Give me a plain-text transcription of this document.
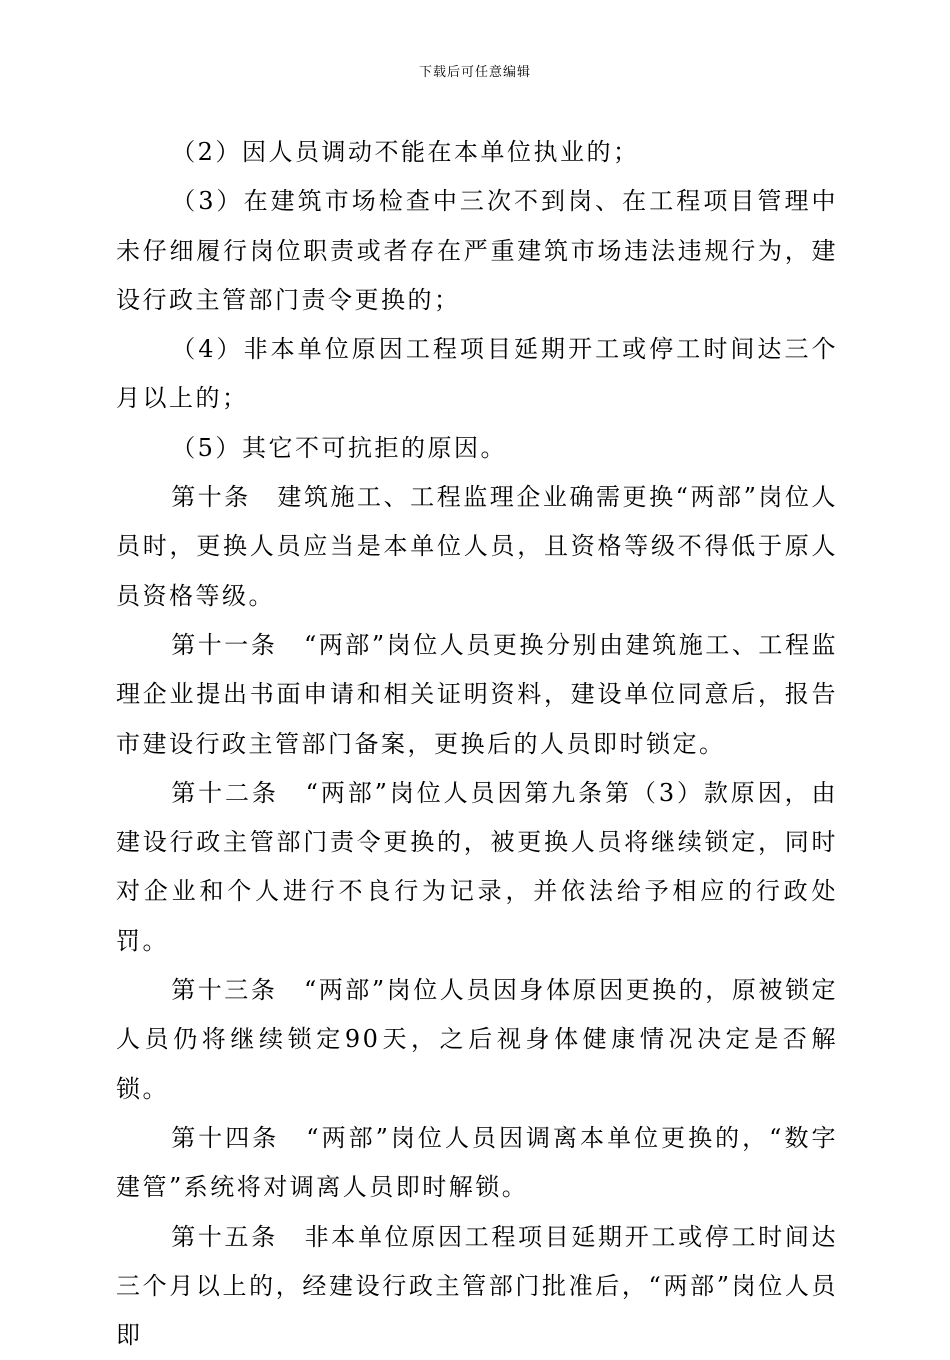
下载后可任意编辑

（2）因人员调动不能在本单位执业的；

（3）在建筑市场检查中三次不到岗、在工程项目管理中未仔细履行岗位职责或者存在严重建筑市场违法违规行为，建设行政主管部门责令更换的；

（4）非本单位原因工程项目延期开工或停工时间达三个月以上的；

（5）其它不可抗拒的原因。

第十条　建筑施工、工程监理企业确需更换“两部”岗位人员时，更换人员应当是本单位人员，且资格等级不得低于原人员资格等级。

第十一条　“两部”岗位人员更换分别由建筑施工、工程监理企业提出书面申请和相关证明资料，建设单位同意后，报告市建设行政主管部门备案，更换后的人员即时锁定。

第十二条　“两部”岗位人员因第九条第（3）款原因，由建设行政主管部门责令更换的，被更换人员将继续锁定，同时对企业和个人进行不良行为记录，并依法给予相应的行政处罚。

第十三条　“两部”岗位人员因身体原因更换的，原被锁定人员仍将继续锁定90天，之后视身体健康情况决定是否解锁。

第十四条　“两部”岗位人员因调离本单位更换的，“数字建管”系统将对调离人员即时解锁。

第十五条　非本单位原因工程项目延期开工或停工时间达三个月以上的，经建设行政主管部门批准后，“两部”岗位人员即
